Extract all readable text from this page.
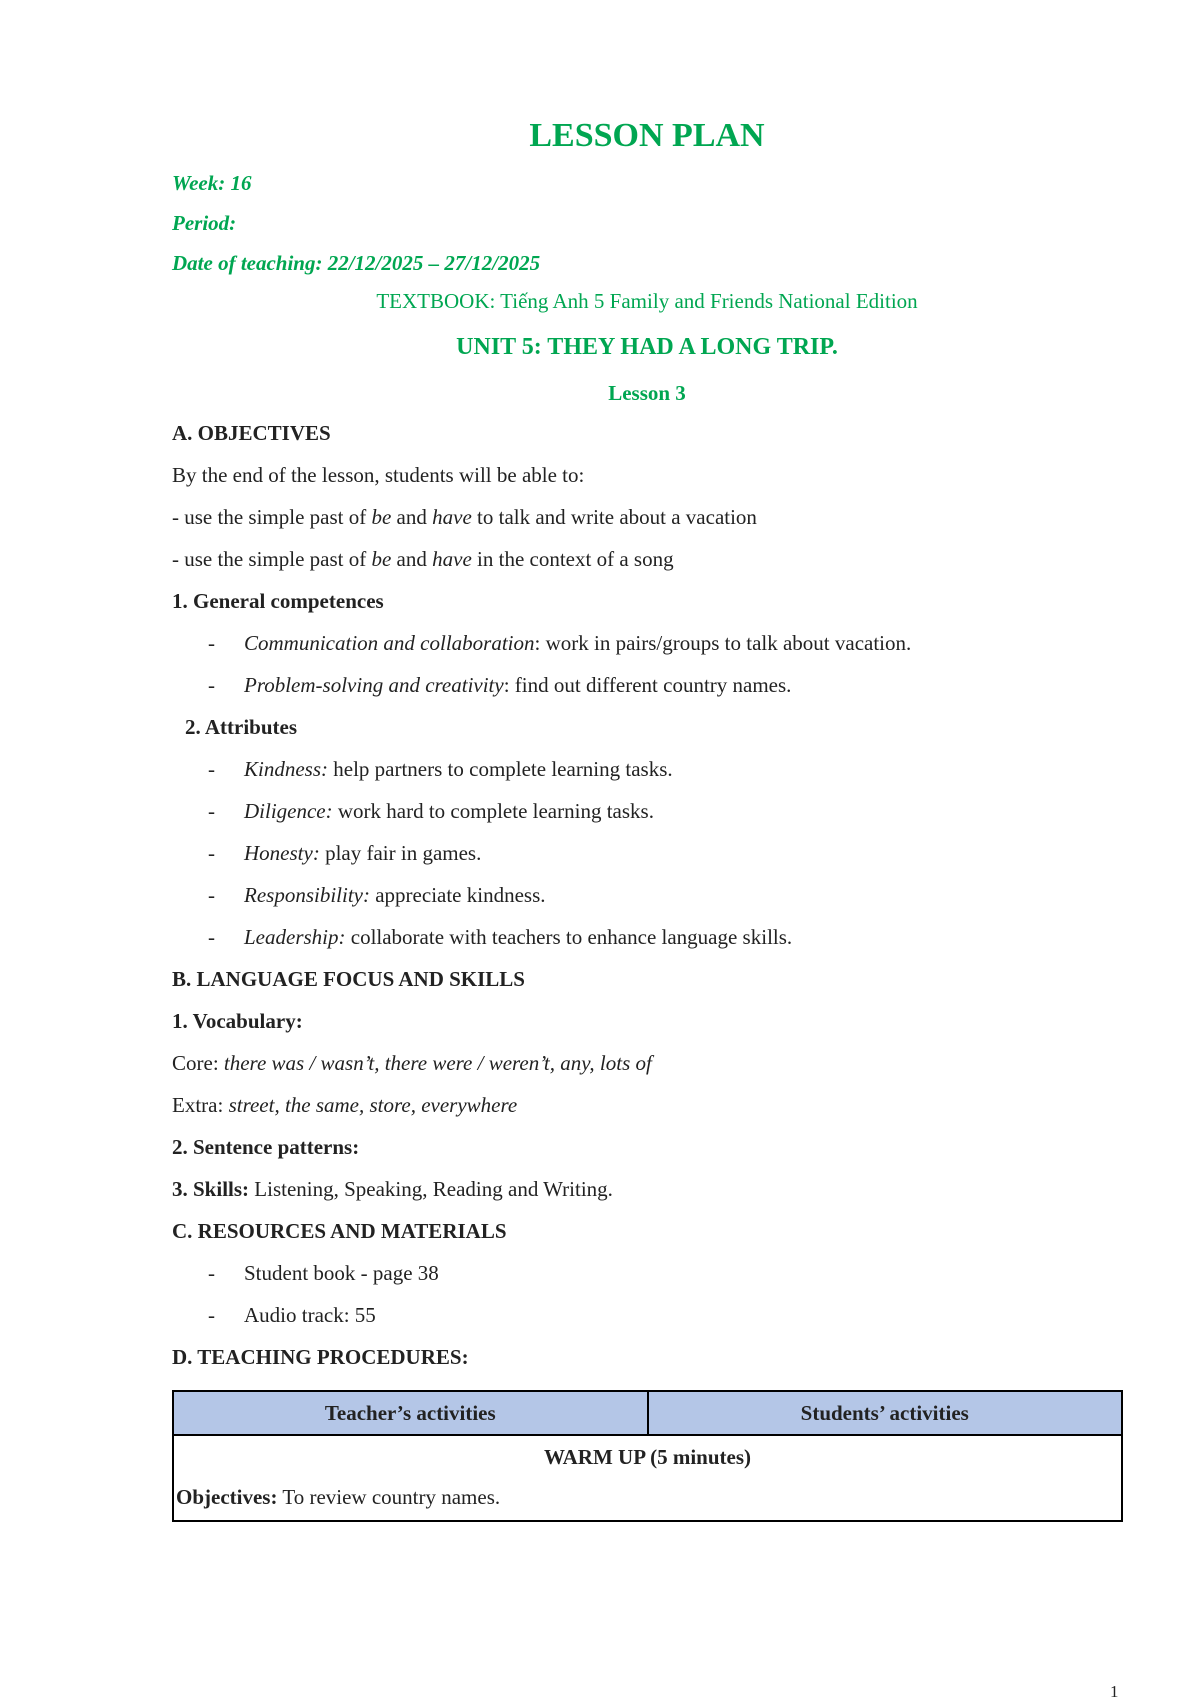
LESSON PLAN
Week: 16
Period:
Date of teaching: 22/12/2025 – 27/12/2025
TEXTBOOK: Tiếng Anh 5 Family and Friends National Edition
UNIT 5: THEY HAD A LONG TRIP.
Lesson 3
A. OBJECTIVES
By the end of the lesson, students will be able to:
- use the simple past of be and have to talk and write about a vacation
- use the simple past of be and have in the context of a song
1. General competences
- Communication and collaboration: work in pairs/groups to talk about vacation.
- Problem-solving and creativity: find out different country names.
2. Attributes
- Kindness: help partners to complete learning tasks.
- Diligence: work hard to complete learning tasks.
- Honesty: play fair in games.
- Responsibility: appreciate kindness.
- Leadership: collaborate with teachers to enhance language skills.
B. LANGUAGE FOCUS AND SKILLS
1. Vocabulary:
Core: there was / wasn’t, there were / weren’t, any, lots of
Extra: street, the same, store, everywhere
2. Sentence patterns:
3. Skills: Listening, Speaking, Reading and Writing.
C. RESOURCES AND MATERIALS
- Student book - page 38
- Audio track: 55
D. TEACHING PROCEDURES:
Teacher’s activities	Students’ activities

WARM UP (5 minutes)
Objectives: To review country names.
1
